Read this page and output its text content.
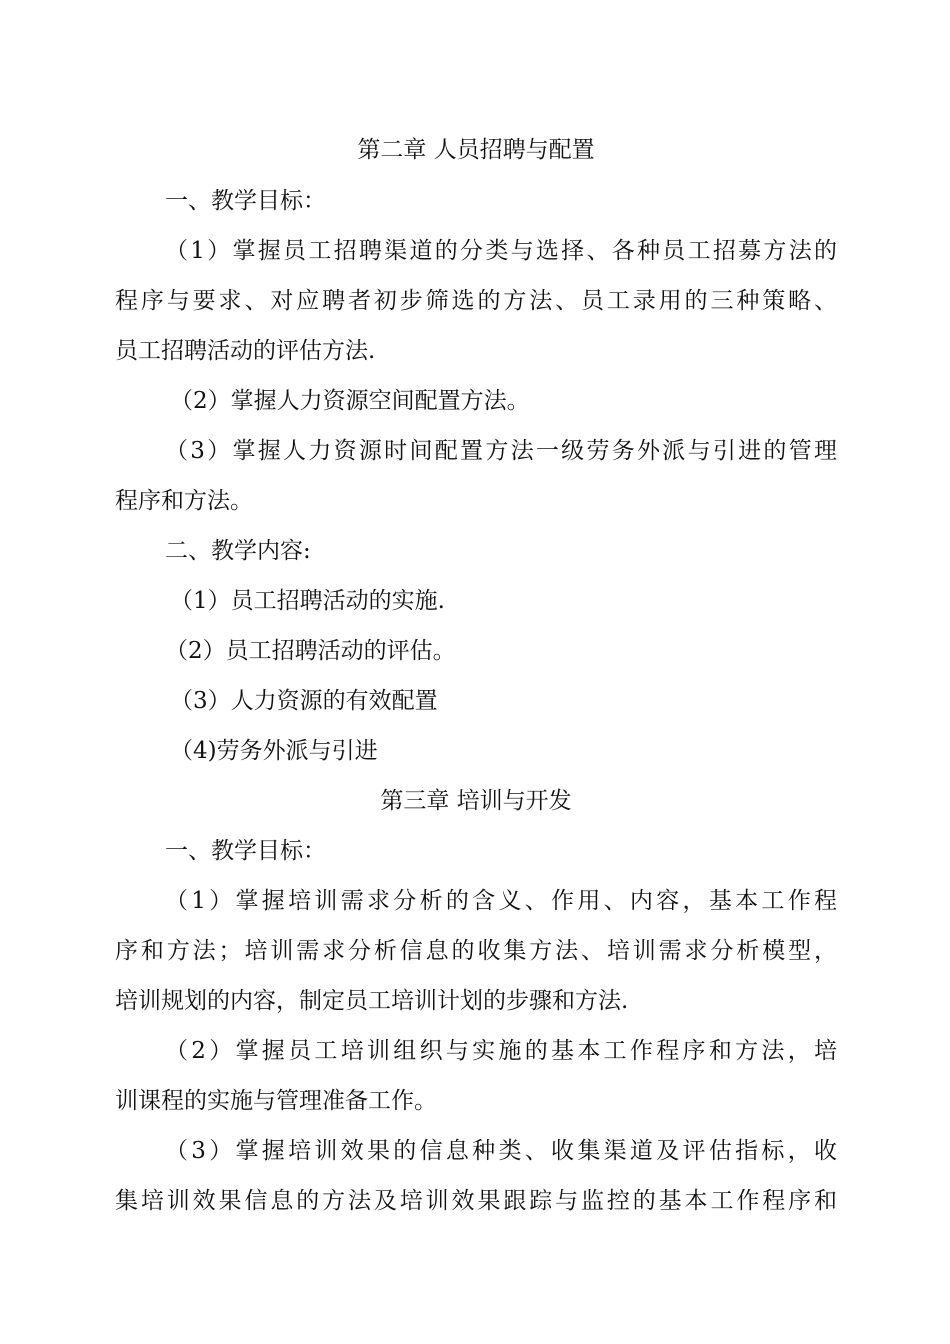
第二章 人员招聘与配置
一、教学目标：
（1）掌握员工招聘渠道的分类与选择、各种员工招募方法的
程序与要求、对应聘者初步筛选的方法、员工录用的三种策略、
员工招聘活动的评估方法.
（2）掌握人力资源空间配置方法。
（3）掌握人力资源时间配置方法一级劳务外派与引进的管理
程序和方法。
二、教学内容:
（1）员工招聘活动的实施.
（2）员工招聘活动的评估。
（3）人力资源的有效配置
（4)劳务外派与引进
第三章 培训与开发
一、教学目标：
（1）掌握培训需求分析的含义、作用、内容，基本工作程
序和方法；培训需求分析信息的收集方法、培训需求分析模型，
培训规划的内容，制定员工培训计划的步骤和方法.
（2）掌握员工培训组织与实施的基本工作程序和方法，培
训课程的实施与管理准备工作。
（3）掌握培训效果的信息种类、收集渠道及评估指标，收
集培训效果信息的方法及培训效果跟踪与监控的基本工作程序和
